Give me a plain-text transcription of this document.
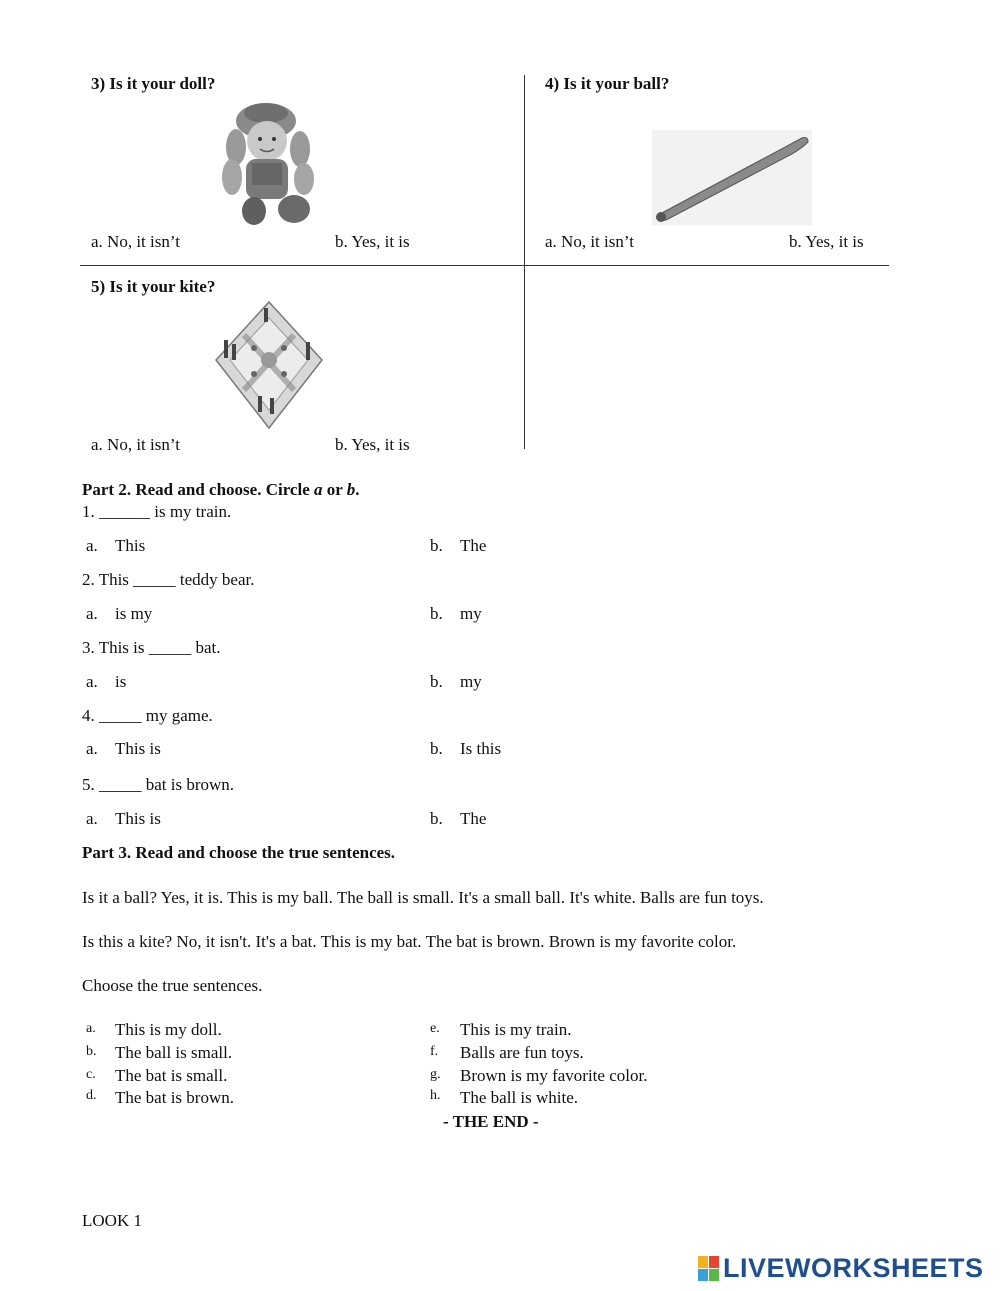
3) Is it your doll?
a. No, it isn’t	b. Yes, it is
4) Is it your ball?
a. No, it isn’t	b. Yes, it is
5) Is it your kite?
a. No, it isn’t	b. Yes, it is
Part 2. Read and choose. Circle a or b.
1. ______ is my train.
a. This	b. The
2. This _____ teddy bear.
a. is my	b. my
3. This is _____ bat.
a. is	b. my
4. _____ my game.
a. This is	b. Is this
5. _____ bat is brown.
a. This is	b. The
Part 3. Read and choose the true sentences.
Is it a ball? Yes, it is. This is my ball. The ball is small. It's a small ball. It's white. Balls are fun toys.
Is this a kite? No, it isn't. It's a bat. This is my bat. The bat is brown. Brown is my favorite color.
Choose the true sentences.
a. This is my doll.
b. The ball is small.
c. The bat is small.
d. The bat is brown.
e. This is my train.
f. Balls are fun toys.
g. Brown is my favorite color.
h. The ball is white.
- THE END -
LOOK 1
LIVEWORKSHEETS
